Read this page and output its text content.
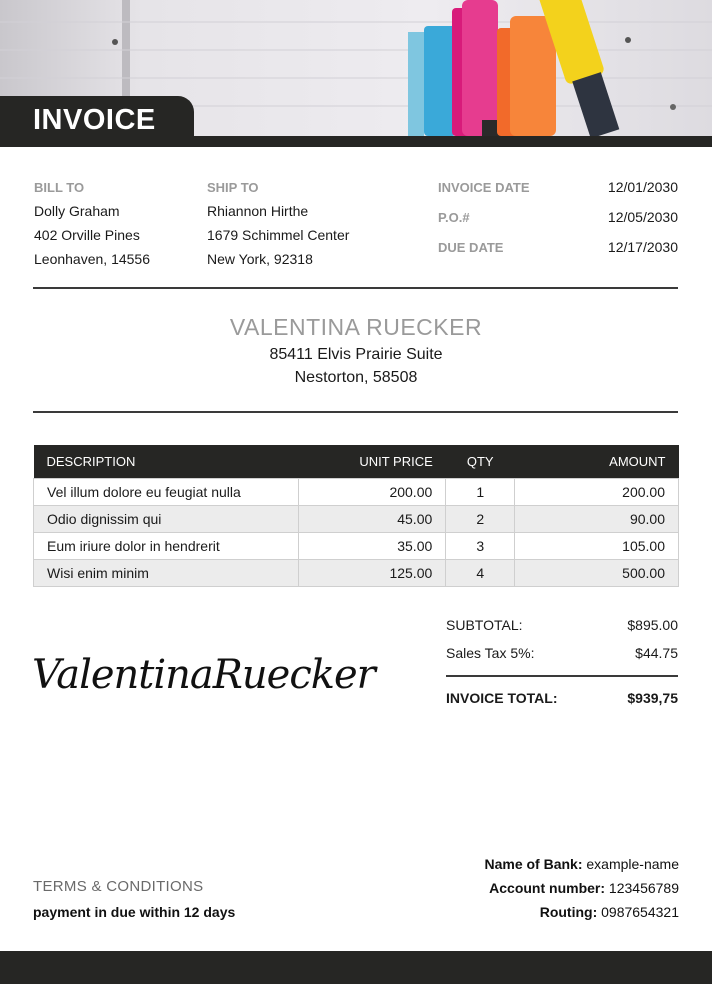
INVOICE
BILL TO
Dolly Graham
402 Orville Pines
Leonhaven, 14556
SHIP TO
Rhiannon Hirthe
1679 Schimmel Center
New York, 92318
INVOICE DATE	12/01/2030
P.O.#	12/05/2030
DUE DATE	12/17/2030
VALENTINA RUECKER
85411 Elvis Prairie Suite
Nestorton, 58508
DESCRIPTION	UNIT PRICE	QTY	AMOUNT
Vel illum dolore eu feugiat nulla	200.00	1	200.00
Odio dignissim qui	45.00	2	90.00
Eum iriure dolor in hendrerit	35.00	3	105.00
Wisi enim minim	125.00	4	500.00
SUBTOTAL:	$895.00
Sales Tax 5%:	$44.75
INVOICE TOTAL:	$939,75
ValentinaRuecker
TERMS & CONDITIONS
payment in due within 12 days
Name of Bank: example-name
Account number: 123456789
Routing: 0987654321
